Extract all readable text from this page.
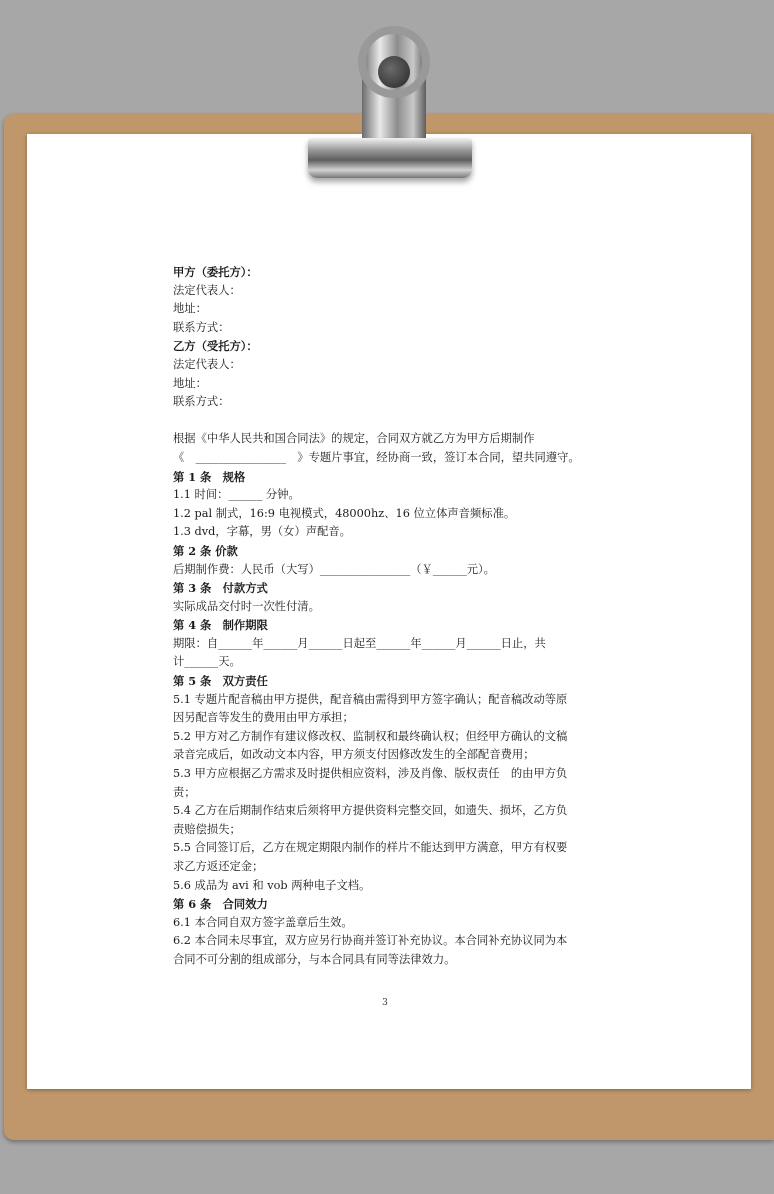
甲方（委托方）：
法定代表人：
地址：
联系方式：
乙方（受托方）：
法定代表人：
地址：
联系方式：
根据《中华人民共和国合同法》的规定，合同双方就乙方为甲方后期制作
《　________________　》专题片事宜，经协商一致，签订本合同，望共同遵守。
第 1 条　规格
1.1 时间：______ 分钟。
1.2 pal 制式，16:9 电视模式，48000hz、16 位立体声音频标准。
1.3 dvd，字幕，男（女）声配音。
第 2 条 价款
后期制作费：人民币（大写）________________（￥______元）。
第 3 条　付款方式
实际成品交付时一次性付清。
第 4 条　制作期限
期限：自______年______月______日起至______年______月______日止，共
计______天。
第 5 条　双方责任
5.1 专题片配音稿由甲方提供，配音稿由需得到甲方签字确认；配音稿改动等原
因另配音等发生的费用由甲方承担；
5.2 甲方对乙方制作有建议修改权、监制权和最终确认权；但经甲方确认的文稿
录音完成后，如改动文本内容，甲方须支付因修改发生的全部配音费用；
5.3 甲方应根据乙方需求及时提供相应资料，涉及肖像、版权责任　的由甲方负
责；
5.4 乙方在后期制作结束后须将甲方提供资料完整交回，如遗失、损坏，乙方负
责赔偿损失；
5.5 合同签订后，乙方在规定期限内制作的样片不能达到甲方满意，甲方有权要
求乙方返还定金；
5.6 成品为 avi 和 vob 两种电子文档。
第 6 条　合同效力
6.1 本合同自双方签字盖章后生效。
6.2 本合同未尽事宜，双方应另行协商并签订补充协议。本合同补充协议同为本
合同不可分割的组成部分，与本合同具有同等法律效力。
3
